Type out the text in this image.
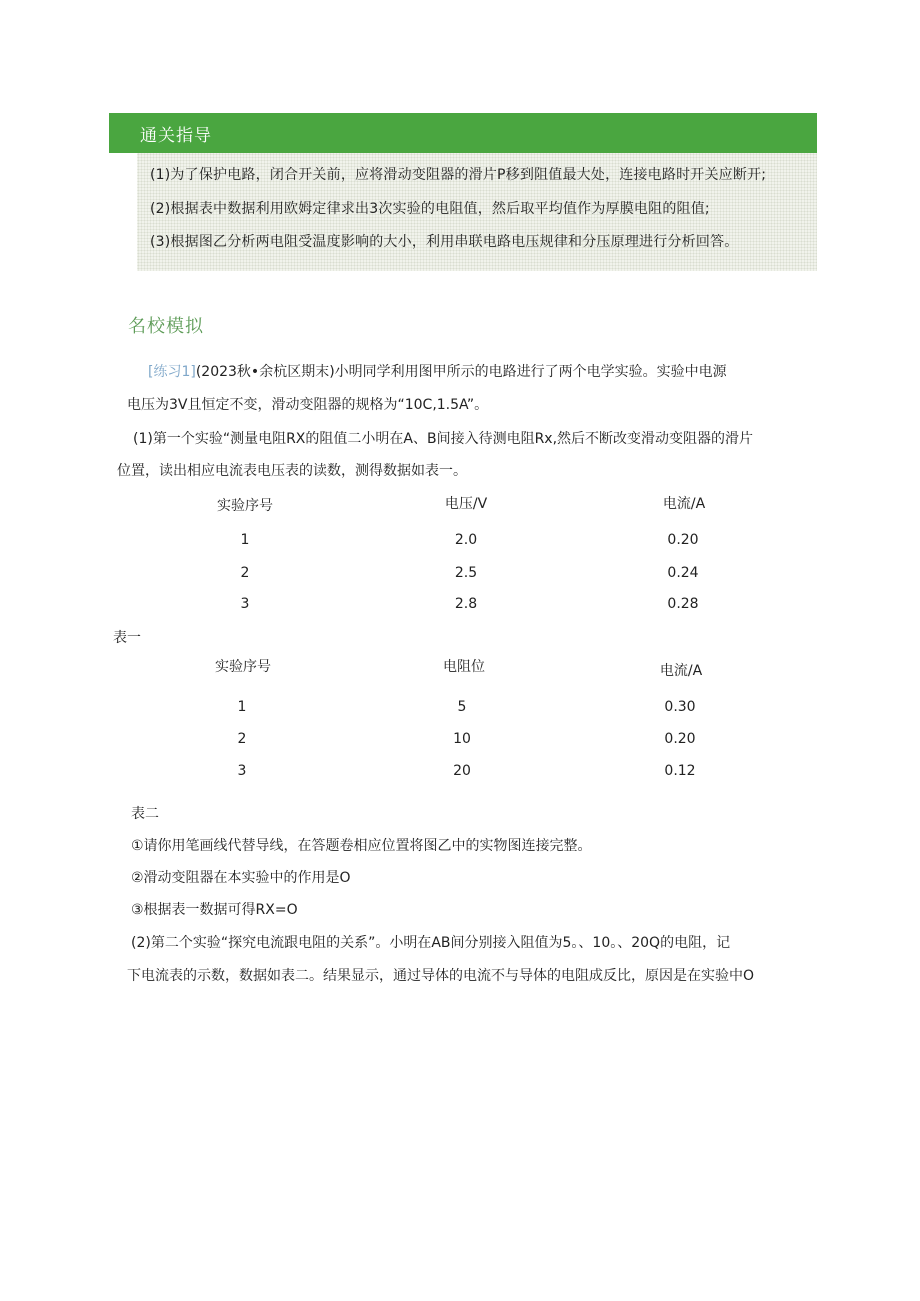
通关指导
(1)为了保护电路，闭合开关前，应将滑动变阻器的滑片P移到阻值最大处，连接电路时开关应断开;
(2)根据表中数据利用欧姆定律求出3次实验的电阻值，然后取平均值作为厚膜电阻的阻值;
(3)根据图乙分析两电阻受温度影响的大小，利用串联电路电压规律和分压原理进行分析回答。
名校模拟
[练习1](2023秋•余杭区期末)小明同学利用图甲所示的电路进行了两个电学实验。实验中电源
电压为3V且恒定不变，滑动变阻器的规格为“10C,1.5A”。
(1)第一个实验“测量电阻RX的阻值二小明在A、B间接入待测电阻Rx,然后不断改变滑动变阻器的滑片
位置，读出相应电流表电压表的读数，测得数据如表一。
实验序号	电压/V	电流/A
1	2.0	0.20
2	2.5	0.24
3	2.8	0.28
表一
实验序号	电阻位	电流/A
1	5	0.30
2	10	0.20
3	20	0.12
表二
①请你用笔画线代替导线，在答题卷相应位置将图乙中的实物图连接完整。
②滑动变阻器在本实验中的作用是O
③根据表一数据可得RX=O
(2)第二个实验“探究电流跟电阻的关系”。小明在AB间分别接入阻值为5。、10。、20Q的电阻，记
下电流表的示数，数据如表二。结果显示，通过导体的电流不与导体的电阻成反比，原因是在实验中O
